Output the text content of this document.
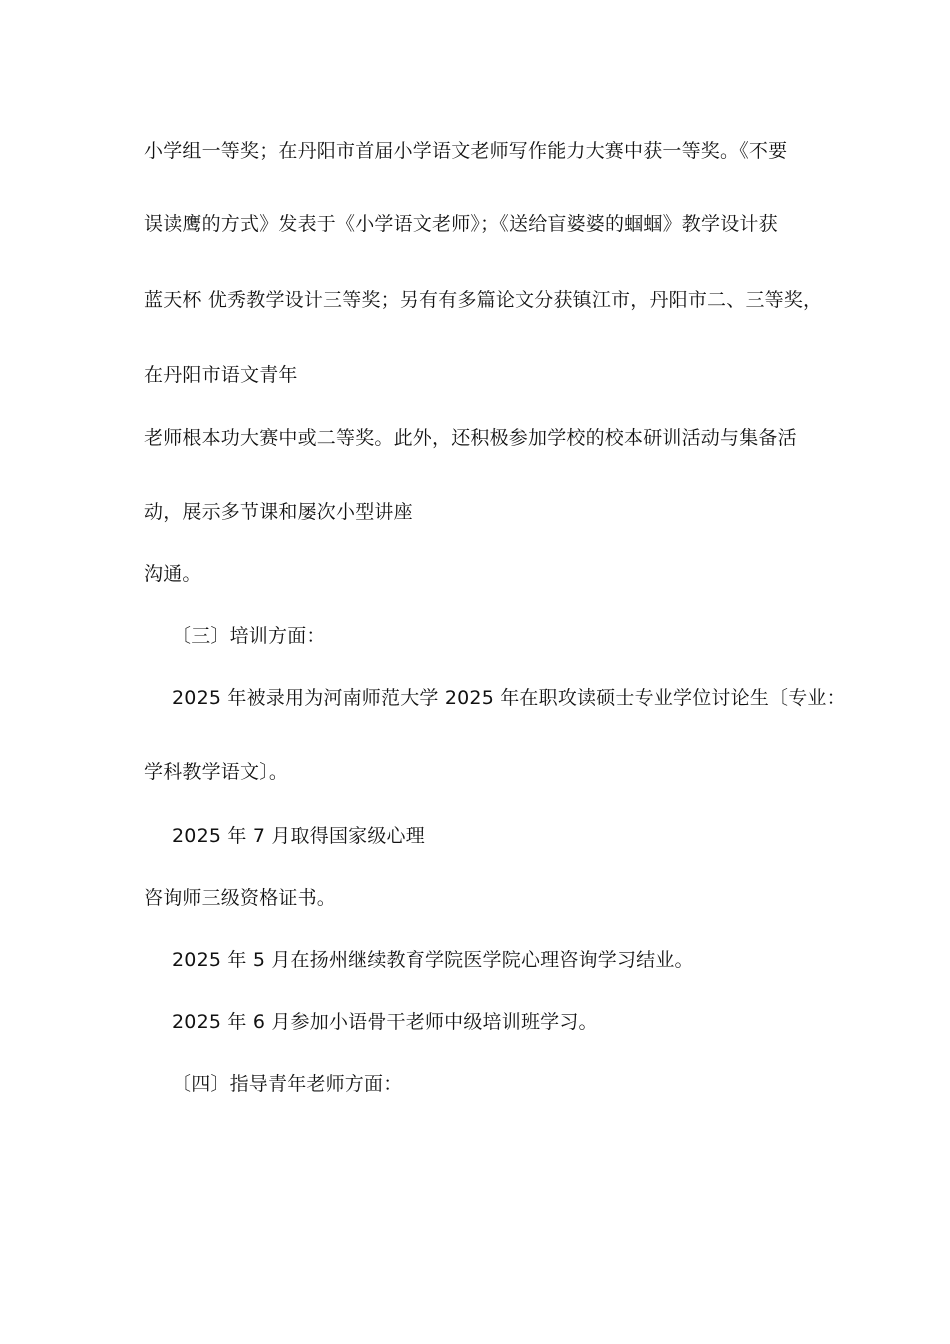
小学组一等奖；在丹阳市首届小学语文老师写作能力大赛中获一等奖。《不要
误读鹰的方式》发表于《小学语文老师》；《送给盲婆婆的蝈蝈》教学设计获
蓝天杯 优秀教学设计三等奖；另有有多篇论文分获镇江市，丹阳市二、三等奖，
在丹阳市语文青年
老师根本功大赛中或二等奖。此外，还积极参加学校的校本研训活动与集备活
动，展示多节课和屡次小型讲座
沟通。
〔三〕培训方面：
2025 年被录用为河南师范大学 2025 年在职攻读硕士专业学位讨论生〔专业：
学科教学语文〕。
2025 年 7 月取得国家级心理
咨询师三级资格证书。
2025 年 5 月在扬州继续教育学院医学院心理咨询学习结业。
2025 年 6 月参加小语骨干老师中级培训班学习。
〔四〕指导青年老师方面：
